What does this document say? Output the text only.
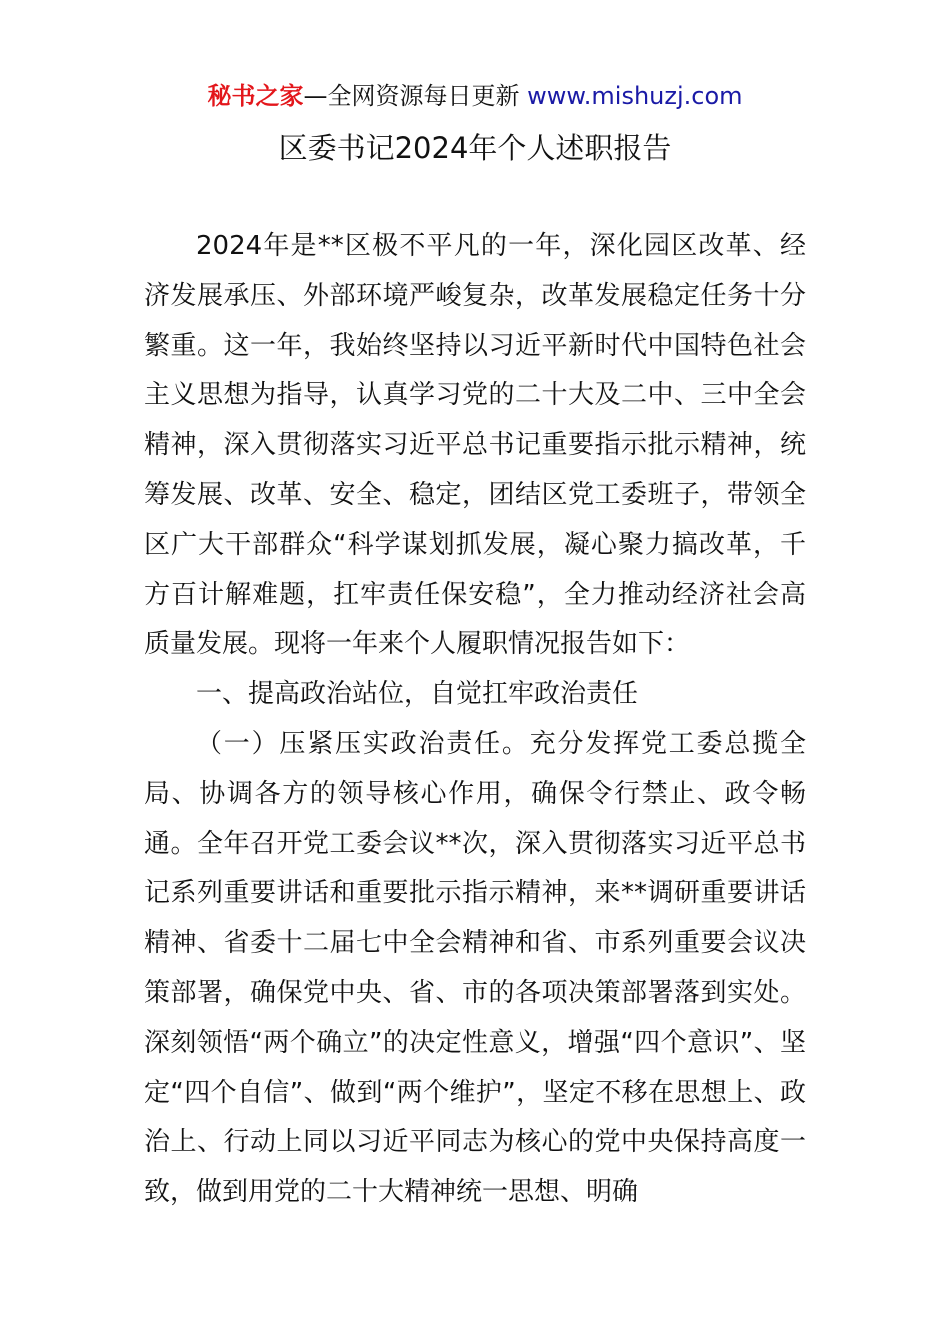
秘书之家—全网资源每日更新 www.mishuzj.com
区委书记2024年个人述职报告

2024年是**区极不平凡的一年，深化园区改革、经济发展承压、外部环境严峻复杂，改革发展稳定任务十分繁重。这一年，我始终坚持以习近平新时代中国特色社会主义思想为指导，认真学习党的二十大及二中、三中全会精神，深入贯彻落实习近平总书记重要指示批示精神，统筹发展、改革、安全、稳定，团结区党工委班子，带领全区广大干部群众“科学谋划抓发展，凝心聚力搞改革，千方百计解难题，扛牢责任保安稳”，全力推动经济社会高质量发展。现将一年来个人履职情况报告如下：

一、提高政治站位，自觉扛牢政治责任

（一）压紧压实政治责任。充分发挥党工委总揽全局、协调各方的领导核心作用，确保令行禁止、政令畅通。全年召开党工委会议**次，深入贯彻落实习近平总书记系列重要讲话和重要批示指示精神，来**调研重要讲话精神、省委十二届七中全会精神和省、市系列重要会议决策部署，确保党中央、省、市的各项决策部署落到实处。深刻领悟“两个确立”的决定性意义，增强“四个意识”、坚定“四个自信”、做到“两个维护”，坚定不移在思想上、政治上、行动上同以习近平同志为核心的党中央保持高度一致，做到用党的二十大精神统一思想、明确
